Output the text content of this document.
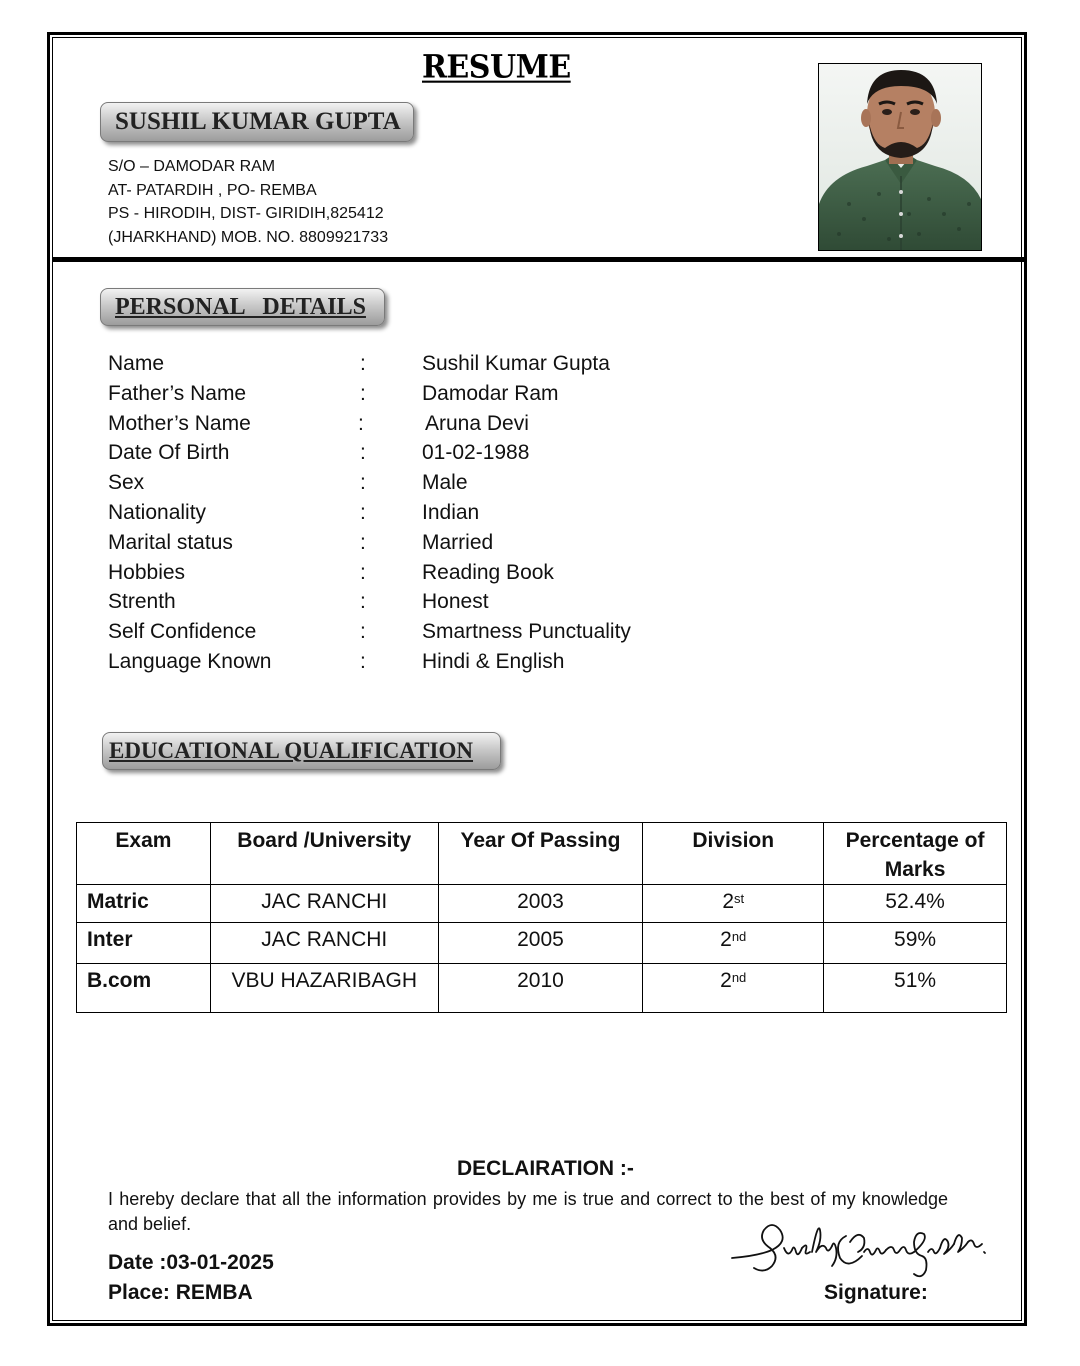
RESUME
SUSHIL KUMAR GUPTA
S/O – DAMODAR RAM
AT- PATARDIH , PO- REMBA
PS - HIRODIH, DIST- GIRIDIH,825412
(JHARKHAND) MOB. NO. 8809921733
PERSONAL   DETAILS
Name	:	Sushil Kumar Gupta
Father’s Name	:	Damodar Ram
Mother’s Name	:	Aruna Devi
Date Of Birth	:	01-02-1988
Sex	:	Male
Nationality	:	Indian
Marital status	:	Married
Hobbies	:	Reading Book
Strenth	:	Honest
Self Confidence	:	Smartness Punctuality
Language Known	:	Hindi & English
EDUCATIONAL QUALIFICATION
Exam	Board /University	Year Of Passing	Division	Percentage of Marks
Matric	JAC RANCHI	2003	2st	52.4%
Inter	JAC RANCHI	2005	2nd	59%
B.com	VBU HAZARIBAGH	2010	2nd	51%
DECLAIRATION :-
I hereby declare that all the information provides by me is true and correct to the best of my knowledge and belief.
Date :03-01-2025
Place: REMBA	Signature:
